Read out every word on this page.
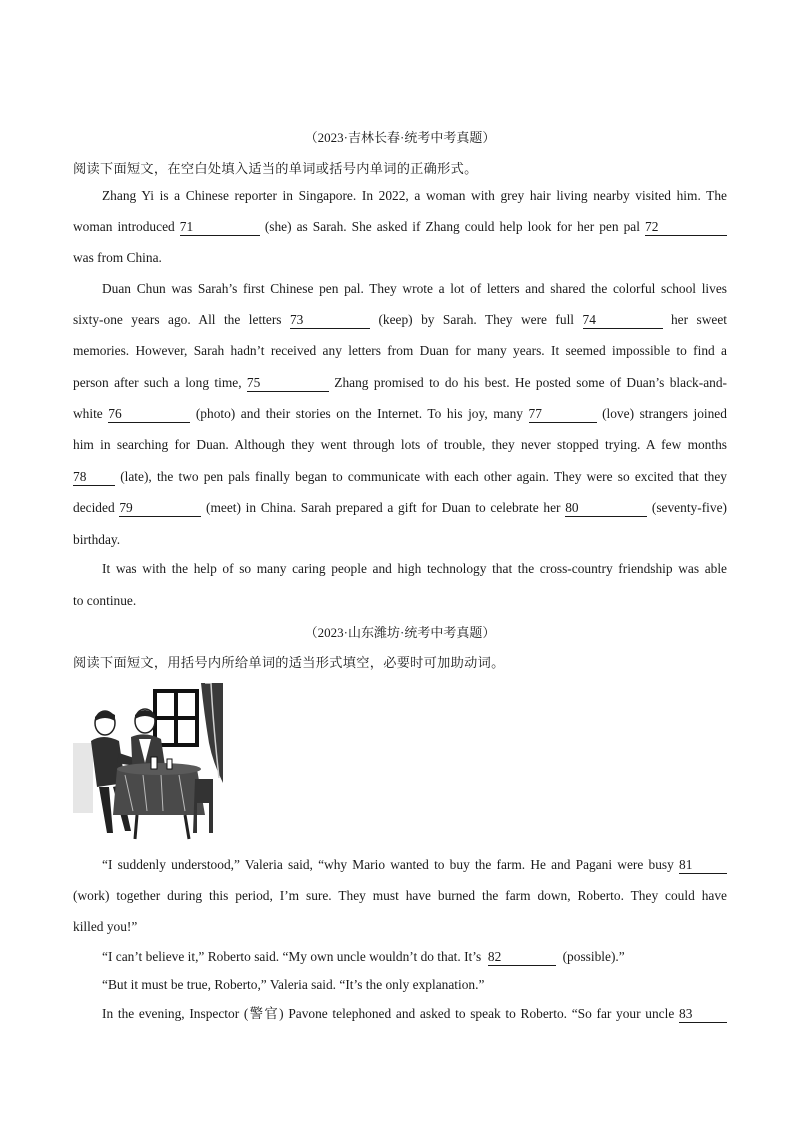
（2023·吉林长春·统考中考真题）
阅读下面短文，在空白处填入适当的单词或括号内单词的正确形式。
Zhang Yi is a Chinese reporter in Singapore. In 2022, a woman with grey hair living nearby visited him. The
woman introduced 71	(she) as Sarah. She asked if Zhang could help look for her pen pal 72
was from China.
Duan Chun was Sarah’s first Chinese pen pal. They wrote a lot of letters and shared the colorful school lives
sixty-one years ago. All the letters 73	(keep) by Sarah. They were full 74	her sweet
memories. However, Sarah hadn’t received any letters from Duan for many years. It seemed impossible to find a
person after such a long time, 75	Zhang promised to do his best. He posted some of Duan’s black-and-
white 76	(photo) and their stories on the Internet. To his joy, many 77	(love) strangers joined
him in searching for Duan. Although they went through lots of trouble, they never stopped trying. A few months
78	(late), the two pen pals finally began to communicate with each other again. They were so excited that they
decided 79	(meet) in China. Sarah prepared a gift for Duan to celebrate her 80	(seventy-five)
birthday.
It was with the help of so many caring people and high technology that the cross-country friendship was able
to continue.
（2023·山东潍坊·统考中考真题）
阅读下面短文，用括号内所给单词的适当形式填空，必要时可加助动词。
“I suddenly understood,” Valeria said, “why Mario wanted to buy the farm. He and Pagani were busy 81
(work) together during this period, I’m sure. They must have burned the farm down, Roberto. They could have
killed you!”
“I can’t believe it,” Roberto said. “My own uncle wouldn’t do that. It’s 82	(possible).”
“But it must be true, Roberto,” Valeria said. “It’s the only explanation.”
In the evening, Inspector (警官) Pavone telephoned and asked to speak to Roberto. “So far your uncle 83
